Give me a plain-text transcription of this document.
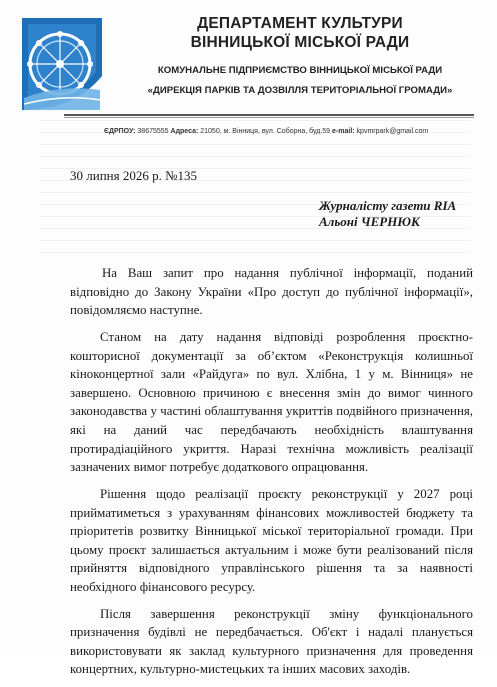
ДЕПАРТАМЕНТ КУЛЬТУРИ
ВІННИЦЬКОЇ МІСЬКОЇ РАДИ
КОМУНАЛЬНЕ ПІДПРИЄМСТВО ВІННИЦЬКОЇ МІСЬКОЇ РАДИ
«ДИРЕКЦІЯ ПАРКІВ ТА ДОЗВІЛЛЯ ТЕРИТОРІАЛЬНОЇ ГРОМАДИ»
ЄДРПОУ: 38675555 Адреса: 21050, м. Вінниця, вул. Соборна, буд.59 e-mail: kpvmrpark@gmail.com
30 липня 2026 р. №135
Журналісту газети RIA
Альоні ЧЕРНЮК

На Ваш запит про надання публічної інформації, поданий відповідно до Закону України «Про доступ до публічної інформації», повідомляємо наступне.

Станом на дату надання відповіді розроблення проєктно-кошторисної документації за об’єктом «Реконструкція колишньої кіноконцертної зали «Райдуга» по вул. Хлібна, 1 у м. Вінниця» не завершено. Основною причиною є внесення змін до вимог чинного законодавства у частині облаштування укриттів подвійного призначення, які на даний час передбачають необхідність влаштування протирадіаційного укриття. Наразі технічна можливість реалізації зазначених вимог потребує додаткового опрацювання.

Рішення щодо реалізації проєкту реконструкції у 2027 році прийматиметься з урахуванням фінансових можливостей бюджету та пріоритетів розвитку Вінницької міської територіальної громади. При цьому проєкт залишається актуальним і може бути реалізований після прийняття відповідного управлінського рішення та за наявності необхідного фінансового ресурсу.

Після завершення реконструкції зміну функціонального призначення будівлі не передбачається. Об'єкт і надалі планується використовувати як заклад культурного призначення для проведення концертних, культурно-мистецьких та інших масових заходів.
